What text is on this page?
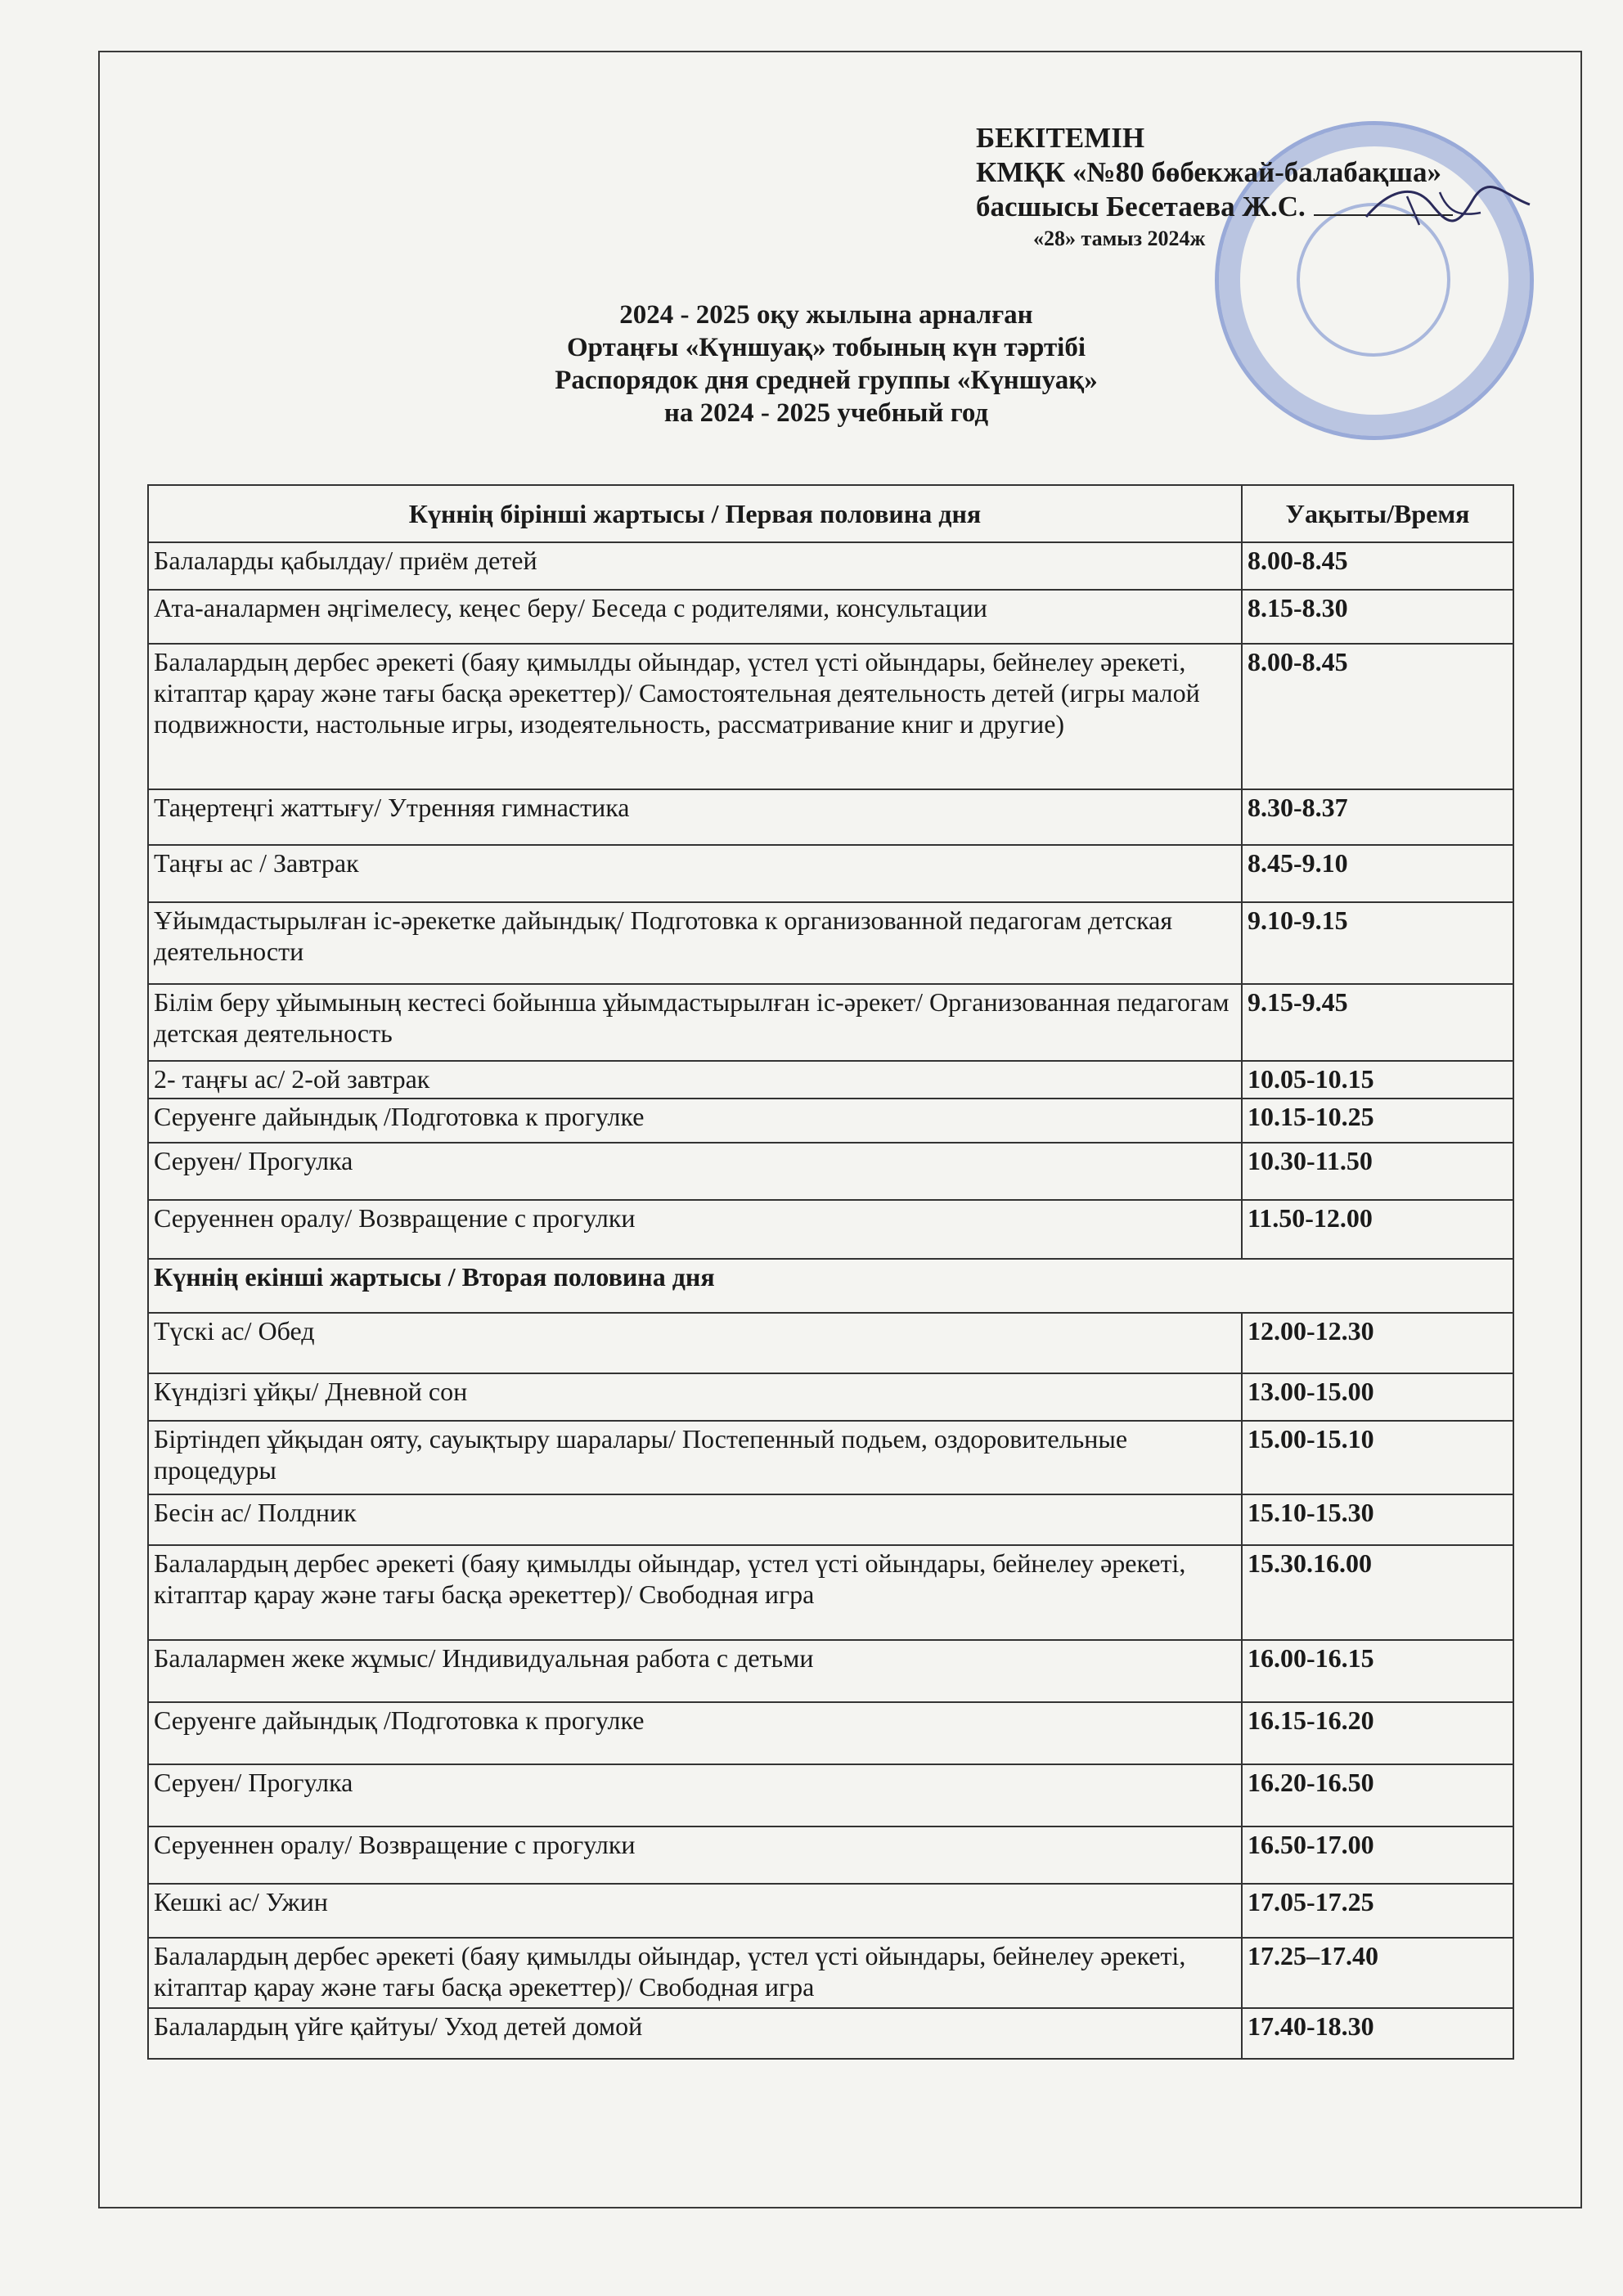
БЕКІТЕМІН
КМҚК «№80 бөбекжай-балабақша»
басшысы Бесетаева Ж.С.
«28» тамыз 2024ж
2024 - 2025 оқу жылына арналған
Ортаңғы «Күншуақ» тобының күн тәртібі
Распорядок дня средней группы «Күншуақ»
на 2024 - 2025 учебный год
Күннің бірінші жартысы / Первая половина дня	Уақыты/Время
Балаларды қабылдау/ приём детей	8.00-8.45
Ата-аналармен әңгімелесу, кеңес беру/ Беседа с родителями, консультации	8.15-8.30
Балалардың дербес әрекеті (баяу қимылды ойындар, үстел үсті ойындары, бейнелеу әрекеті, кітаптар қарау және тағы басқа әрекеттер)/ Самостоятельная деятельность детей (игры малой подвижности, настольные игры, изодеятельность, рассматривание книг и другие)	8.00-8.45
Таңертеңгі жаттығу/ Утренняя гимнастика	8.30-8.37
Таңғы ас / Завтрак	8.45-9.10
Ұйымдастырылған іс-әрекетке дайындық/ Подготовка к организованной педагогам детская деятельности	9.10-9.15
Білім беру ұйымының кестесі бойынша ұйымдастырылған іс-әрекет/ Организованная педагогам детская деятельность	9.15-9.45
2- таңғы ас/ 2-ой завтрак	10.05-10.15
Серуенге дайындық /Подготовка к прогулке	10.15-10.25
Серуен/ Прогулка	10.30-11.50
Серуеннен оралу/ Возвращение с прогулки	11.50-12.00
Күннің екінші жартысы / Вторая половина дня	
Түскі ас/ Обед	12.00-12.30
Күндізгі ұйқы/ Дневной сон	13.00-15.00
Біртіндеп ұйқыдан ояту, сауықтыру шаралары/ Постепенный подьем, оздоровительные процедуры	15.00-15.10
Бесін ас/ Полдник	15.10-15.30
Балалардың дербес әрекеті (баяу қимылды ойындар, үстел үсті ойындары, бейнелеу әрекеті, кітаптар қарау және тағы басқа әрекеттер)/ Свободная игра	15.30.16.00
Балалармен жеке жұмыс/ Индивидуальная работа с детьми	16.00-16.15
Серуенге дайындық /Подготовка к прогулке	16.15-16.20
Серуен/ Прогулка	16.20-16.50
Серуеннен оралу/ Возвращение с прогулки	16.50-17.00
Кешкі ас/ Ужин	17.05-17.25
Балалардың дербес әрекеті (баяу қимылды ойындар, үстел үсті ойындары, бейнелеу әрекеті, кітаптар қарау және тағы басқа әрекеттер)/ Свободная игра	17.25–17.40
Балалардың үйге қайтуы/ Уход детей домой	17.40-18.30
